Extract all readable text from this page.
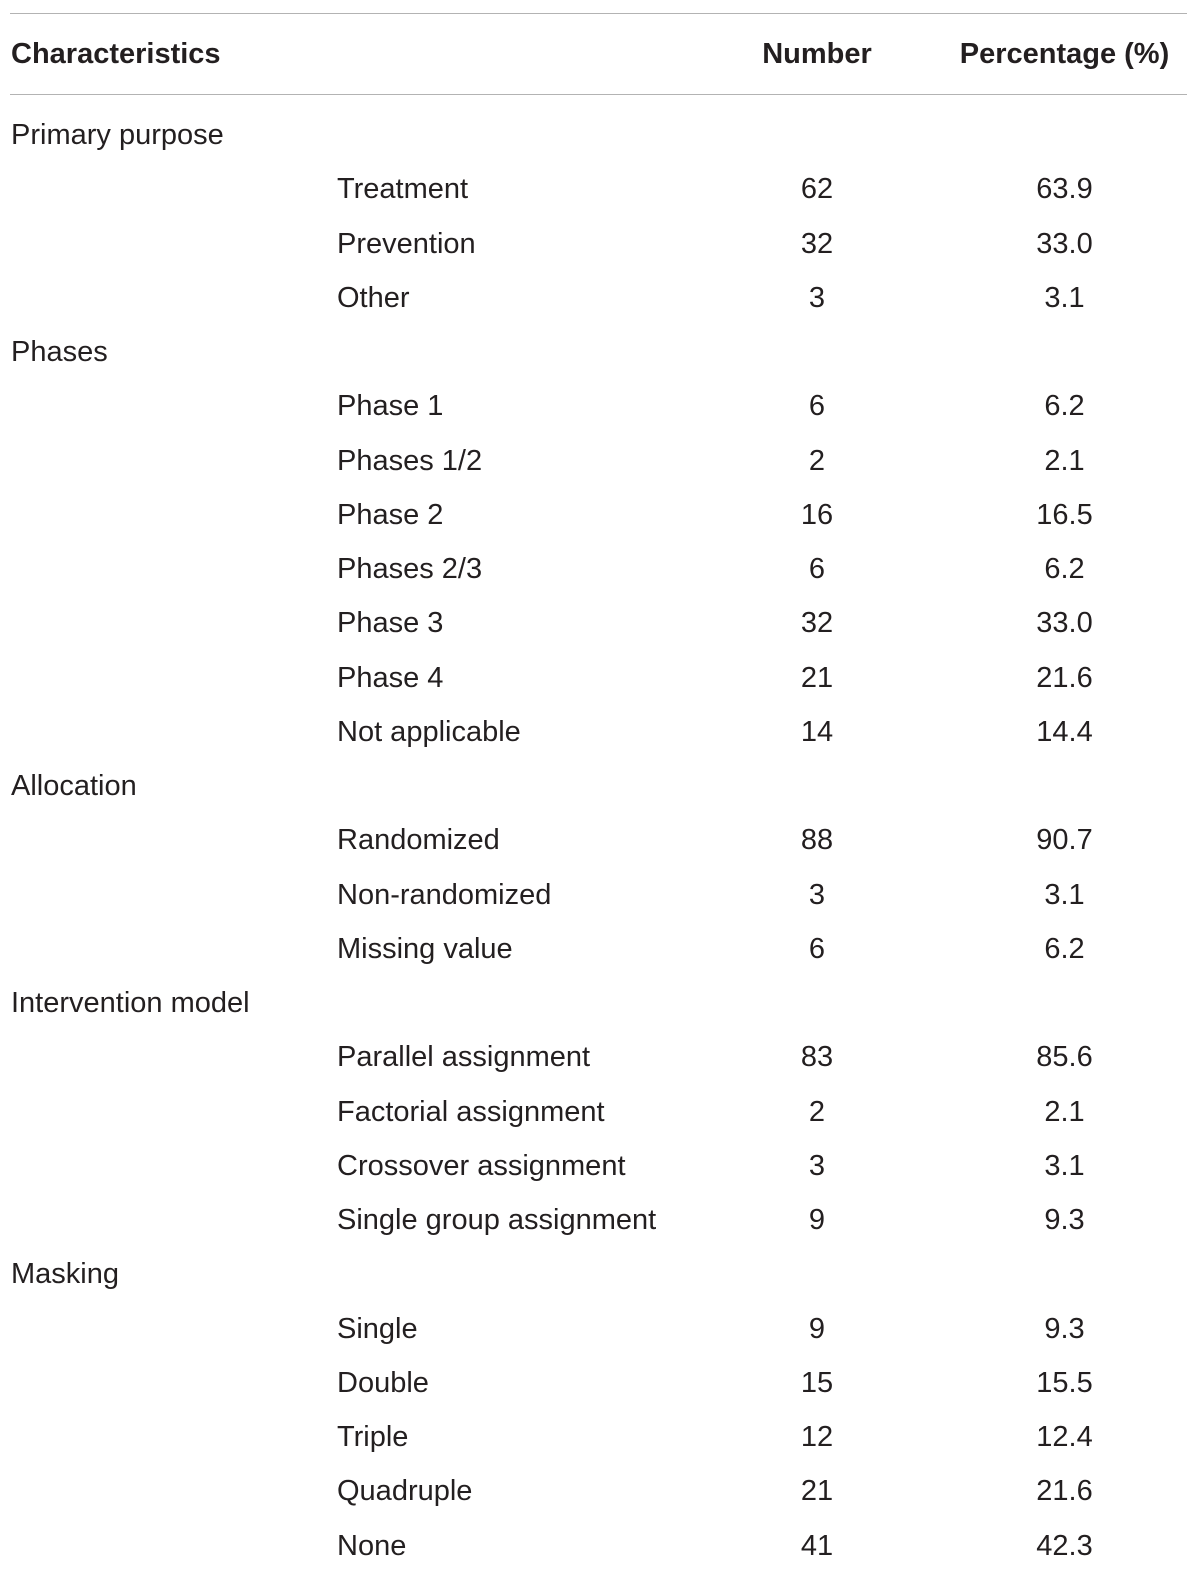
Characteristics	Number	Percentage (%)
Primary purpose
Treatment	62	63.9
Prevention	32	33.0
Other	3	3.1
Phases
Phase 1	6	6.2
Phases 1/2	2	2.1
Phase 2	16	16.5
Phases 2/3	6	6.2
Phase 3	32	33.0
Phase 4	21	21.6
Not applicable	14	14.4
Allocation
Randomized	88	90.7
Non-randomized	3	3.1
Missing value	6	6.2
Intervention model
Parallel assignment	83	85.6
Factorial assignment	2	2.1
Crossover assignment	3	3.1
Single group assignment	9	9.3
Masking
Single	9	9.3
Double	15	15.5
Triple	12	12.4
Quadruple	21	21.6
None	41	42.3
